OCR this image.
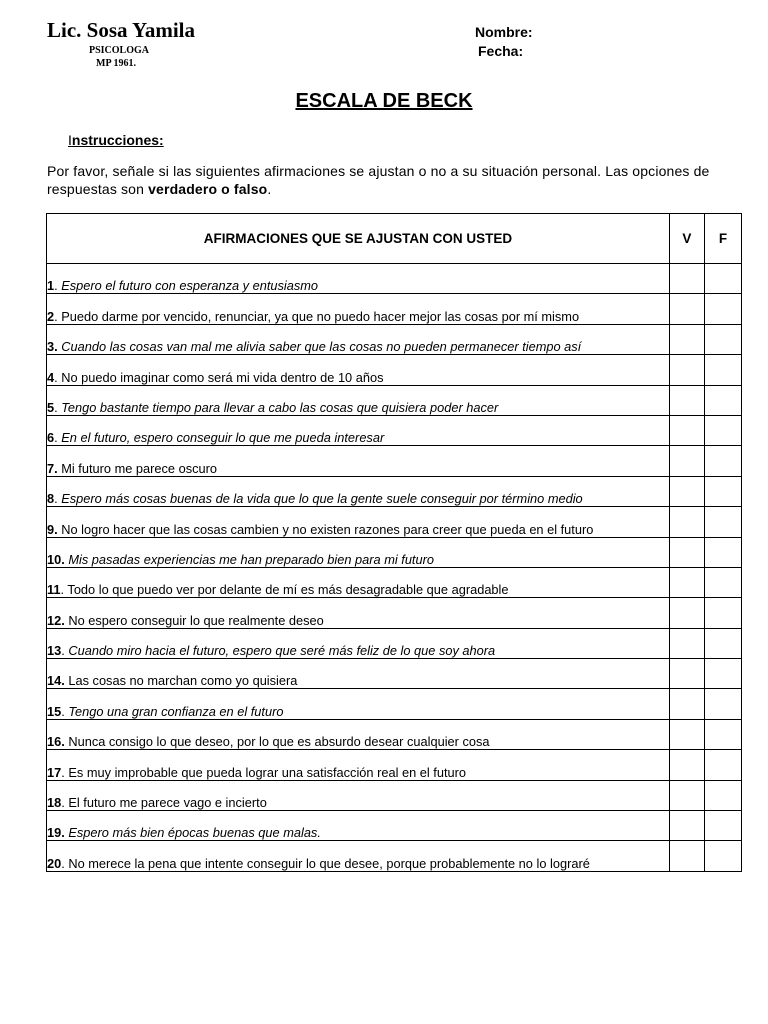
Lic. Sosa Yamila
PSICOLOGA
MP 1961.
Nombre:
Fecha:
ESCALA DE BECK
Instrucciones:
Por favor, señale si las siguientes afirmaciones se ajustan o no a su situación personal. Las opciones de respuestas son verdadero o falso.
AFIRMACIONES QUE SE AJUSTAN CON USTED	V	F
1. Espero el futuro con esperanza y entusiasmo		
2. Puedo darme por vencido, renunciar, ya que no puedo hacer mejor las cosas por mí mismo		
3. Cuando las cosas van mal me alivia saber que las cosas no pueden permanecer tiempo así		
4. No puedo imaginar como será mi vida dentro de 10 años		
5. Tengo bastante tiempo para llevar a cabo las cosas que quisiera poder hacer		
6. En el futuro, espero conseguir lo que me pueda interesar		
7. Mi futuro me parece oscuro		
8. Espero más cosas buenas de la vida que lo que la gente suele conseguir por término medio		
9. No logro hacer que las cosas cambien y no existen razones para creer que pueda en el futuro		
10. Mis pasadas experiencias me han preparado bien para mi futuro		
11. Todo lo que puedo ver por delante de mí es más desagradable que agradable		
12. No espero conseguir lo que realmente deseo		
13. Cuando miro hacia el futuro, espero que seré más feliz de lo que soy ahora		
14. Las cosas no marchan como yo quisiera		
15. Tengo una gran confianza en el futuro		
16. Nunca consigo lo que deseo, por lo que es absurdo desear cualquier cosa		
17. Es muy improbable que pueda lograr una satisfacción real en el futuro		
18. El futuro me parece vago e incierto		
19. Espero más bien épocas buenas que malas.		
20. No merece la pena que intente conseguir lo que desee, porque probablemente no lo lograré		
